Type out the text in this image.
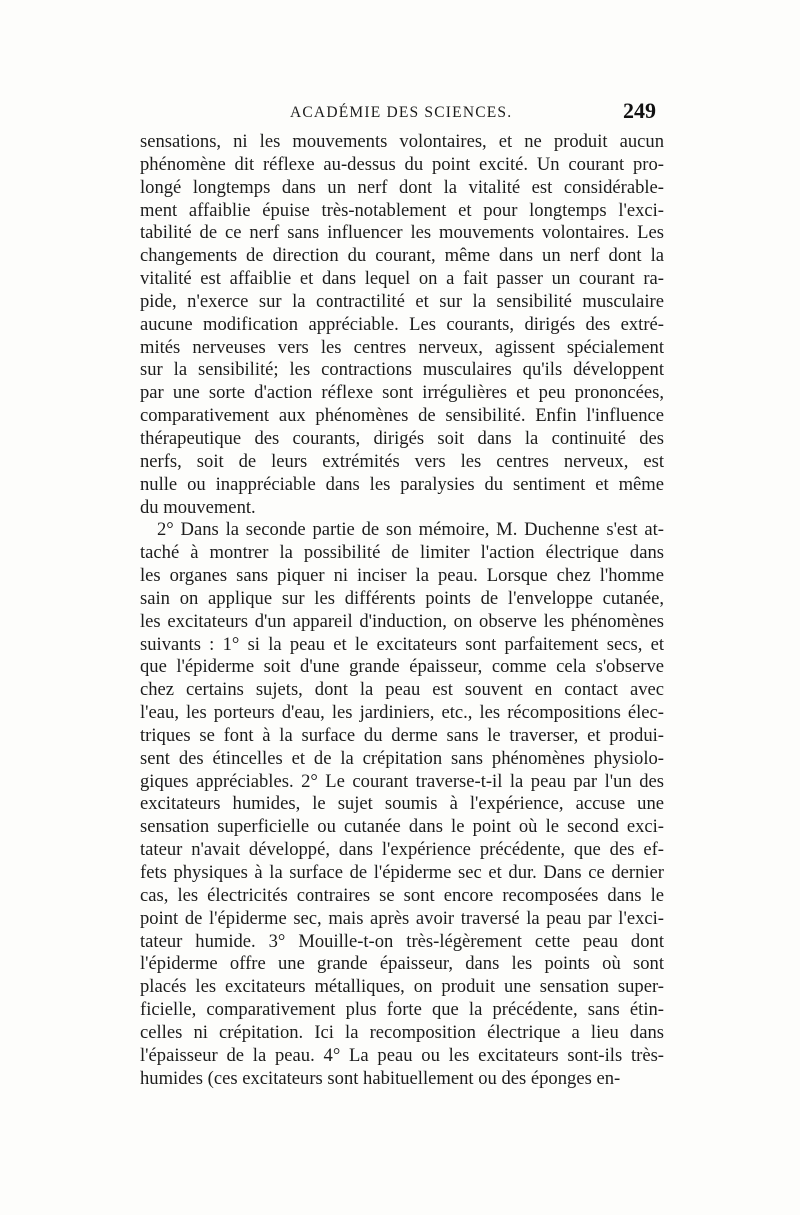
ACADÉMIE DES SCIENCES.	249
sensations, ni les mouvements volontaires, et ne produit aucun
phénomène dit réflexe au-dessus du point excité. Un courant pro-
longé longtemps dans un nerf dont la vitalité est considérable-
ment affaiblie épuise très-notablement et pour longtemps l'exci-
tabilité de ce nerf sans influencer les mouvements volontaires. Les
changements de direction du courant, même dans un nerf dont la
vitalité est affaiblie et dans lequel on a fait passer un courant ra-
pide, n'exerce sur la contractilité et sur la sensibilité musculaire
aucune modification appréciable. Les courants, dirigés des extré-
mités nerveuses vers les centres nerveux, agissent spécialement
sur la sensibilité; les contractions musculaires qu'ils développent
par une sorte d'action réflexe sont irrégulières et peu prononcées,
comparativement aux phénomènes de sensibilité. Enfin l'influence
thérapeutique des courants, dirigés soit dans la continuité des
nerfs, soit de leurs extrémités vers les centres nerveux, est
nulle ou inappréciable dans les paralysies du sentiment et même
du mouvement.
2° Dans la seconde partie de son mémoire, M. Duchenne s'est at-
taché à montrer la possibilité de limiter l'action électrique dans
les organes sans piquer ni inciser la peau. Lorsque chez l'homme
sain on applique sur les différents points de l'enveloppe cutanée,
les excitateurs d'un appareil d'induction, on observe les phénomènes
suivants : 1° si la peau et le excitateurs sont parfaitement secs, et
que l'épiderme soit d'une grande épaisseur, comme cela s'observe
chez certains sujets, dont la peau est souvent en contact avec
l'eau, les porteurs d'eau, les jardiniers, etc., les récompositions élec-
triques se font à la surface du derme sans le traverser, et produi-
sent des étincelles et de la crépitation sans phénomènes physiolo-
giques appréciables. 2° Le courant traverse-t-il la peau par l'un des
excitateurs humides, le sujet soumis à l'expérience, accuse une
sensation superficielle ou cutanée dans le point où le second exci-
tateur n'avait développé, dans l'expérience précédente, que des ef-
fets physiques à la surface de l'épiderme sec et dur. Dans ce dernier
cas, les électricités contraires se sont encore recomposées dans le
point de l'épiderme sec, mais après avoir traversé la peau par l'exci-
tateur humide. 3° Mouille-t-on très-légèrement cette peau dont
l'épiderme offre une grande épaisseur, dans les points où sont
placés les excitateurs métalliques, on produit une sensation super-
ficielle, comparativement plus forte que la précédente, sans étin-
celles ni crépitation. Ici la recomposition électrique a lieu dans
l'épaisseur de la peau. 4° La peau ou les excitateurs sont-ils très-
humides (ces excitateurs sont habituellement ou des éponges en-
